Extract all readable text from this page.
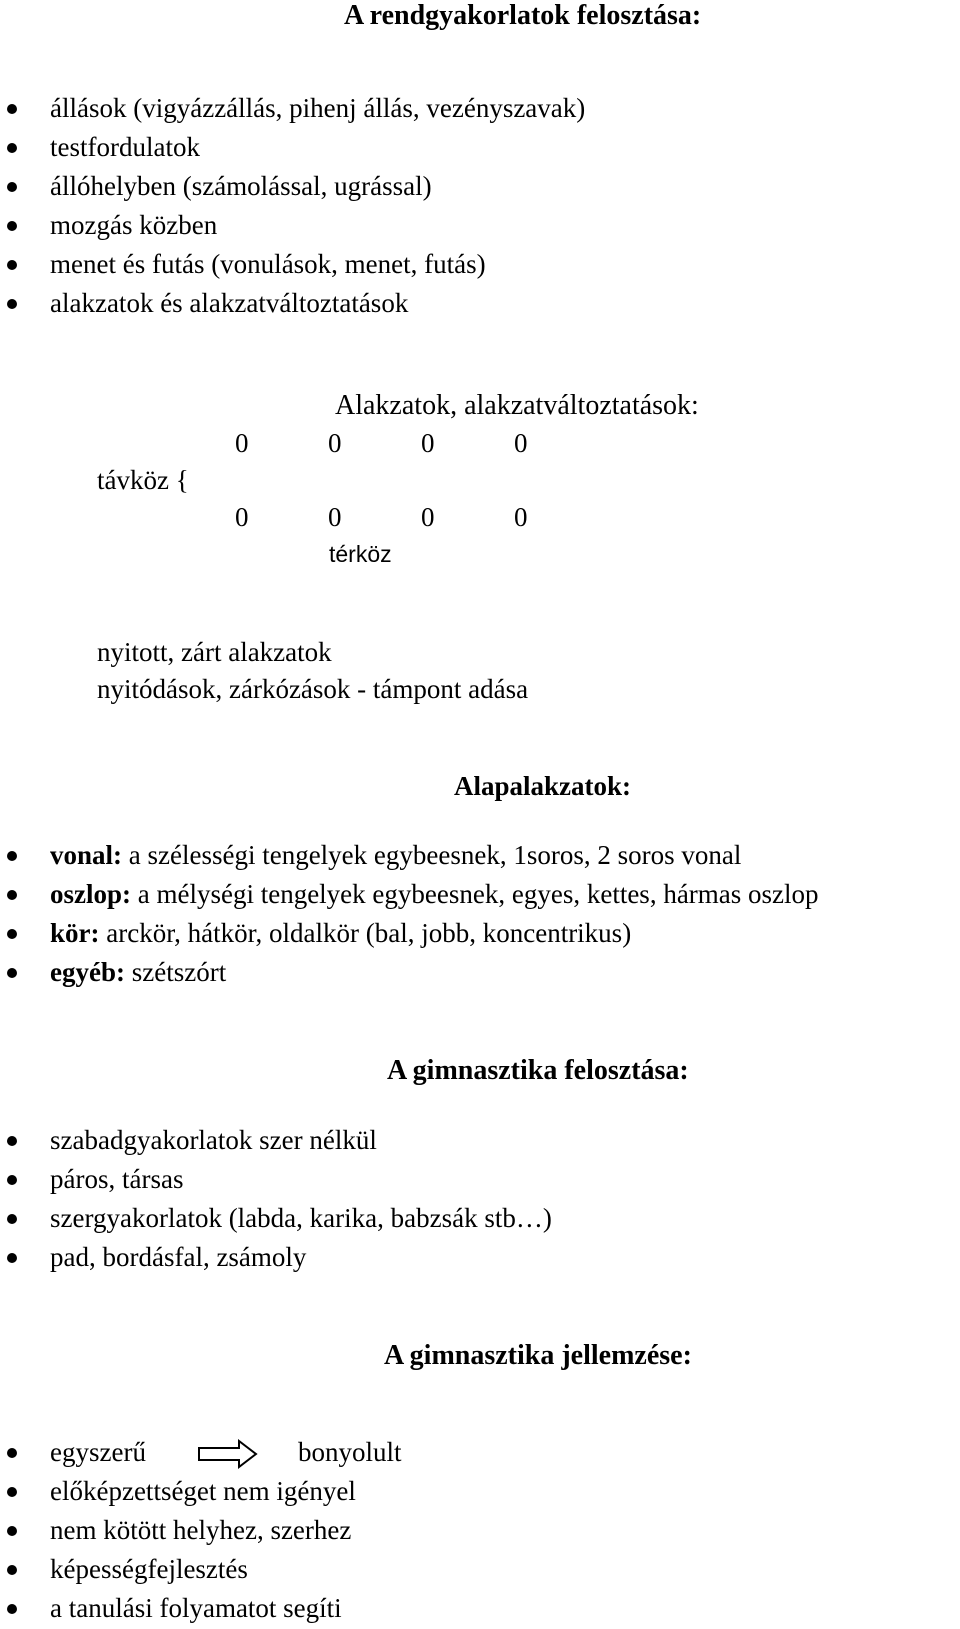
A rendgyakorlatok felosztása:
állások (vigyázzállás, pihenj állás, vezényszavak)
testfordulatok
állóhelyben (számolással, ugrással)
mozgás közben
menet és futás (vonulások, menet, futás)
alakzatok és alakzatváltoztatások
Alakzatok, alakzatváltoztatások:
0	0	0	0
távköz {
0	0	0	0
térköz
nyitott, zárt alakzatok
nyitódások, zárkózások - támpont adása
Alapalakzatok:
vonal: a szélességi tengelyek egybeesnek, 1soros, 2 soros vonal
oszlop: a mélységi tengelyek egybeesnek, egyes, kettes, hármas oszlop
kör: arckör, hátkör, oldalkör (bal, jobb, koncentrikus)
egyéb: szétszórt
A gimnasztika felosztása:
szabadgyakorlatok szer nélkül
páros, társas
szergyakorlatok (labda, karika, babzsák stb…)
pad, bordásfal, zsámoly
A gimnasztika jellemzése:
egyszerű	bonyolult
előképzettséget nem igényel
nem kötött helyhez, szerhez
képességfejlesztés
a tanulási folyamatot segíti
